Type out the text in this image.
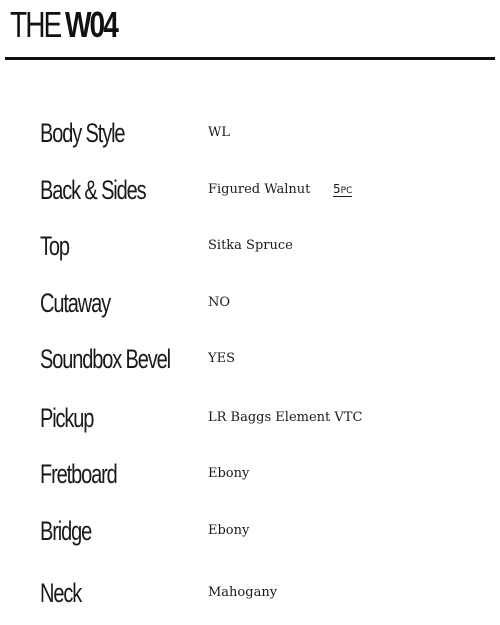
THE W04
Body Style	WL
Back & Sides	Figured Walnut 5PC
Top	Sitka Spruce
Cutaway	NO
Soundbox Bevel	YES
Pickup	LR Baggs Element VTC
Fretboard	Ebony
Bridge	Ebony
Neck	Mahogany
